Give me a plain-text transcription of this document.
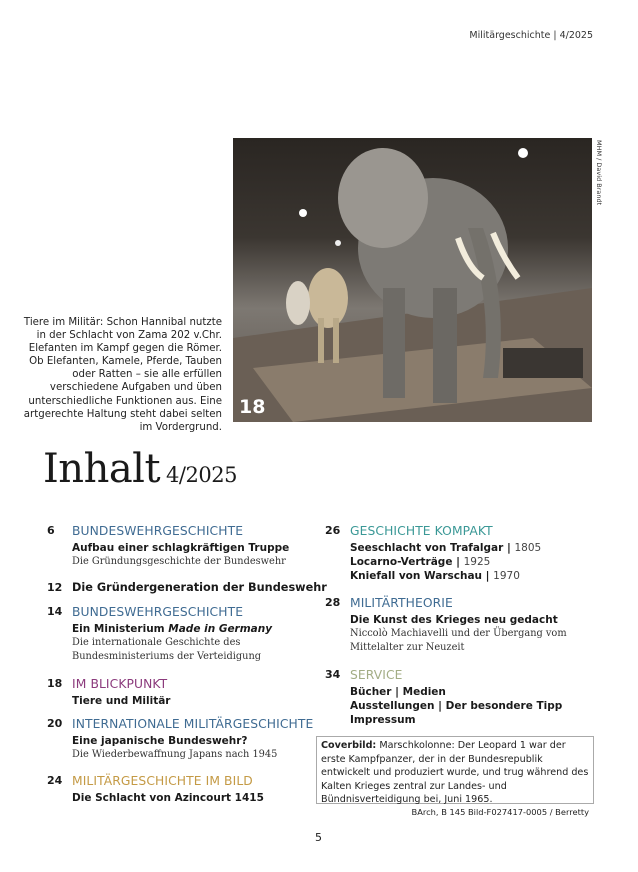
Militärgeschichte | 4/2025
18
MHM / David Brandt
Tiere im Militär: Schon Hannibal nutzte in der Schlacht von Zama 202 v.Chr. Elefanten im Kampf gegen die Römer. Ob Elefanten, Kamele, Pferde, Tauben oder Ratten – sie alle erfüllen verschiedene Aufgaben und üben unterschiedliche Funktionen aus. Eine artgerechte Haltung steht dabei selten im Vordergrund.
Inhalt 4/2025
6 BUNDESWEHRGESCHICHTE
Aufbau einer schlagkräftigen Truppe
Die Gründungsgeschichte der Bundeswehr
12 Die Gründergeneration der Bundeswehr
14 BUNDESWEHRGESCHICHTE
Ein Ministerium Made in Germany
Die internationale Geschichte des
Bundesministeriums der Verteidigung
18 IM BLICKPUNKT
Tiere und Militär
20 INTERNATIONALE MILITÄRGESCHICHTE
Eine japanische Bundeswehr?
Die Wiederbewaffnung Japans nach 1945
24 MILITÄRGESCHICHTE IM BILD
Die Schlacht von Azincourt 1415
26 GESCHICHTE KOMPAKT
Seeschlacht von Trafalgar | 1805
Locarno-Verträge | 1925
Kniefall von Warschau | 1970
28 MILITÄRTHEORIE
Die Kunst des Krieges neu gedacht
Niccolò Machiavelli und der Übergang vom
Mittelalter zur Neuzeit
34 SERVICE
Bücher | Medien
Ausstellungen | Der besondere Tipp
Impressum
Coverbild: Marschkolonne: Der Leopard 1 war der erste Kampfpanzer, der in der Bundesrepublik entwickelt und produziert wurde, und trug während des Kalten Krieges zentral zur Landes- und Bündnisverteidigung bei, Juni 1965.
BArch, B 145 Bild-F027417-0005 / Berretty
5
